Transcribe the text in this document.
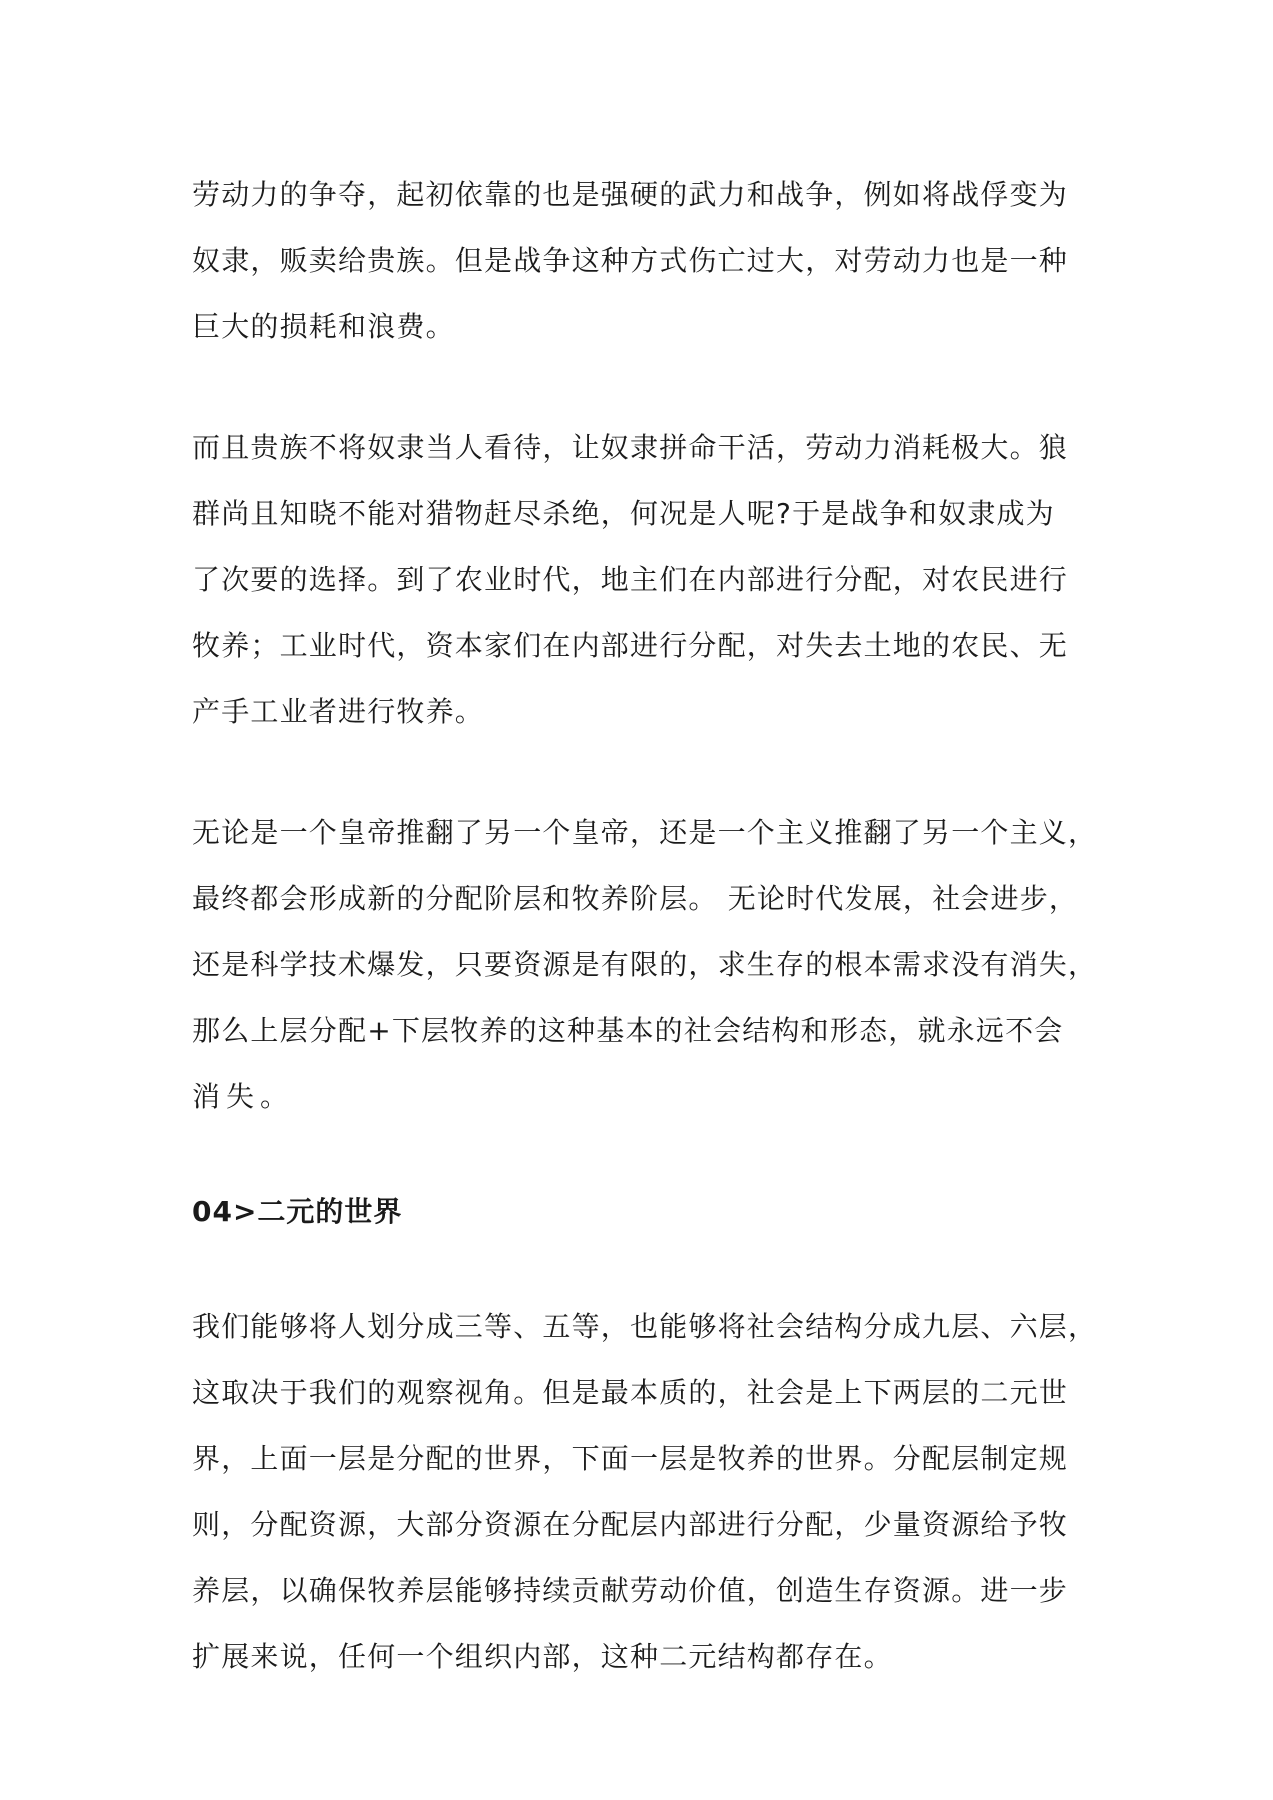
劳动力的争夺，起初依靠的也是强硬的武力和战争，例如将战俘变为
奴隶，贩卖给贵族。但是战争这种方式伤亡过大，对劳动力也是一种
巨大的损耗和浪费。

而且贵族不将奴隶当人看待，让奴隶拼命干活，劳动力消耗极大。狼
群尚且知晓不能对猎物赶尽杀绝，何况是人呢?于是战争和奴隶成为
了次要的选择。到了农业时代，地主们在内部进行分配，对农民进行
牧养；工业时代，资本家们在内部进行分配，对失去土地的农民、无
产手工业者进行牧养。

无论是一个皇帝推翻了另一个皇帝，还是一个主义推翻了另一个主义，
最终都会形成新的分配阶层和牧养阶层。 无论时代发展，社会进步，
还是科学技术爆发，只要资源是有限的，求生存的根本需求没有消失，
那么上层分配+下层牧养的这种基本的社会结构和形态，就永远不会
消失。

04>二元的世界

我们能够将人划分成三等、五等，也能够将社会结构分成九层、六层，
这取决于我们的观察视角。但是最本质的，社会是上下两层的二元世
界，上面一层是分配的世界，下面一层是牧养的世界。分配层制定规
则，分配资源，大部分资源在分配层内部进行分配，少量资源给予牧
养层，以确保牧养层能够持续贡献劳动价值，创造生存资源。进一步
扩展来说，任何一个组织内部，这种二元结构都存在。
